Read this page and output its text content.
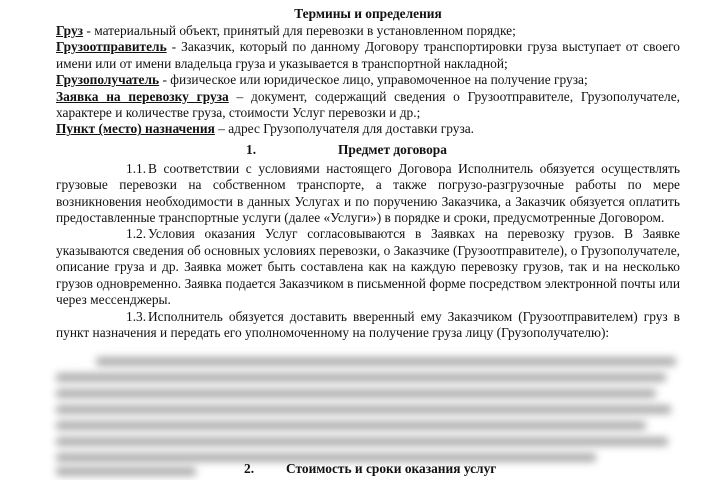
Термины и определения

Груз - материальный объект, принятый для перевозки в установленном порядке;

Грузоотправитель - Заказчик, который по данному Договору транспортировки груза выступает от своего имени или от имени владельца груза и указывается в транспортной накладной;

Грузополучатель - физическое или юридическое лицо, управомоченное на получение груза;

Заявка на перевозку груза – документ, содержащий сведения о Грузоотправителе, Грузополучателе, характере и количестве груза, стоимости Услуг перевозки и др.;

Пункт (место) назначения – адрес Грузополучателя для доставки груза.

1.	Предмет договора

1.1. В соответствии с условиями настоящего Договора Исполнитель обязуется осуществлять грузовые перевозки на собственном транспорте, а также погрузо-разгрузочные работы по мере возникновения необходимости в данных Услугах и по поручению Заказчика, а Заказчик обязуется оплатить предоставленные транспортные услуги (далее «Услуги») в порядке и сроки, предусмотренные Договором.

1.2. Условия оказания Услуг согласовываются в Заявках на перевозку грузов. В Заявке указываются сведения об основных условиях перевозки, о Заказчике (Грузоотправителе), о Грузополучателе, описание груза и др. Заявка может быть составлена как на каждую перевозку грузов, так и на несколько грузов одновременно. Заявка подается Заказчиком в письменной форме посредством электронной почты или через мессенджеры.

1.3. Исполнитель обязуется доставить вверенный ему Заказчиком (Грузоотправителем) груз в пункт назначения и передать его уполномоченному на получение груза лицу (Грузополучателю):

2. Стоимость и сроки оказания услуг
